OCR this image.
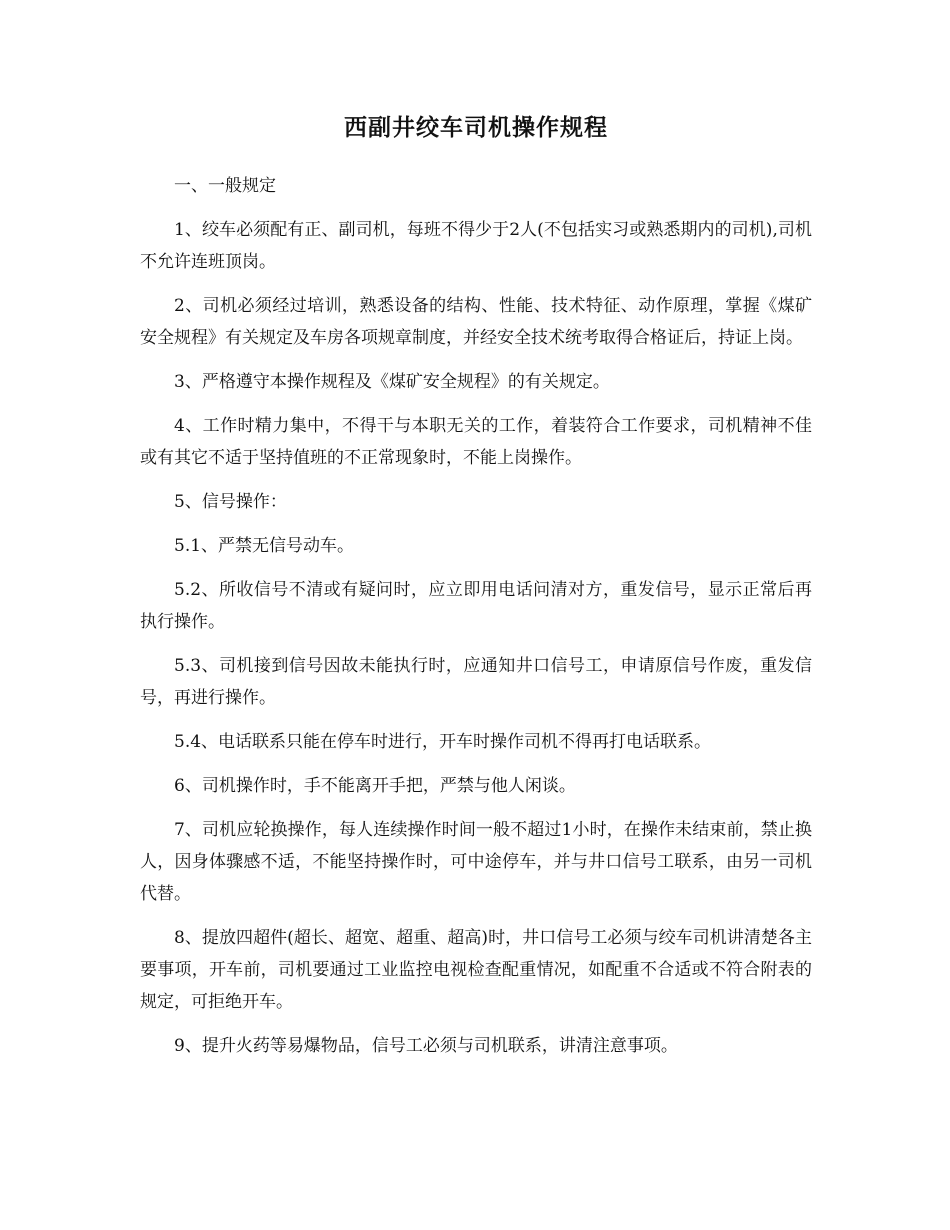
西副井绞车司机操作规程

一、一般规定

1、绞车必须配有正、副司机，每班不得少于2人(不包括实习或熟悉期内的司机),司机不允许连班顶岗。

2、司机必须经过培训，熟悉设备的结构、性能、技术特征、动作原理，掌握《煤矿安全规程》有关规定及车房各项规章制度，并经安全技术统考取得合格证后，持证上岗。

3、严格遵守本操作规程及《煤矿安全规程》的有关规定。

4、工作时精力集中，不得干与本职无关的工作，着装符合工作要求，司机精神不佳或有其它不适于坚持值班的不正常现象时，不能上岗操作。

5、信号操作：

5.1、严禁无信号动车。

5.2、所收信号不清或有疑问时，应立即用电话问清对方，重发信号，显示正常后再执行操作。

5.3、司机接到信号因故未能执行时，应通知井口信号工，申请原信号作废，重发信号，再进行操作。

5.4、电话联系只能在停车时进行，开车时操作司机不得再打电话联系。

6、司机操作时，手不能离开手把，严禁与他人闲谈。

7、司机应轮换操作，每人连续操作时间一般不超过1小时，在操作未结束前，禁止换人，因身体骤感不适，不能坚持操作时，可中途停车，并与井口信号工联系，由另一司机代替。

8、提放四超件(超长、超宽、超重、超高)时，井口信号工必须与绞车司机讲清楚各主要事项，开车前，司机要通过工业监控电视检查配重情况，如配重不合适或不符合附表的规定，可拒绝开车。

9、提升火药等易爆物品，信号工必须与司机联系，讲清注意事项。
